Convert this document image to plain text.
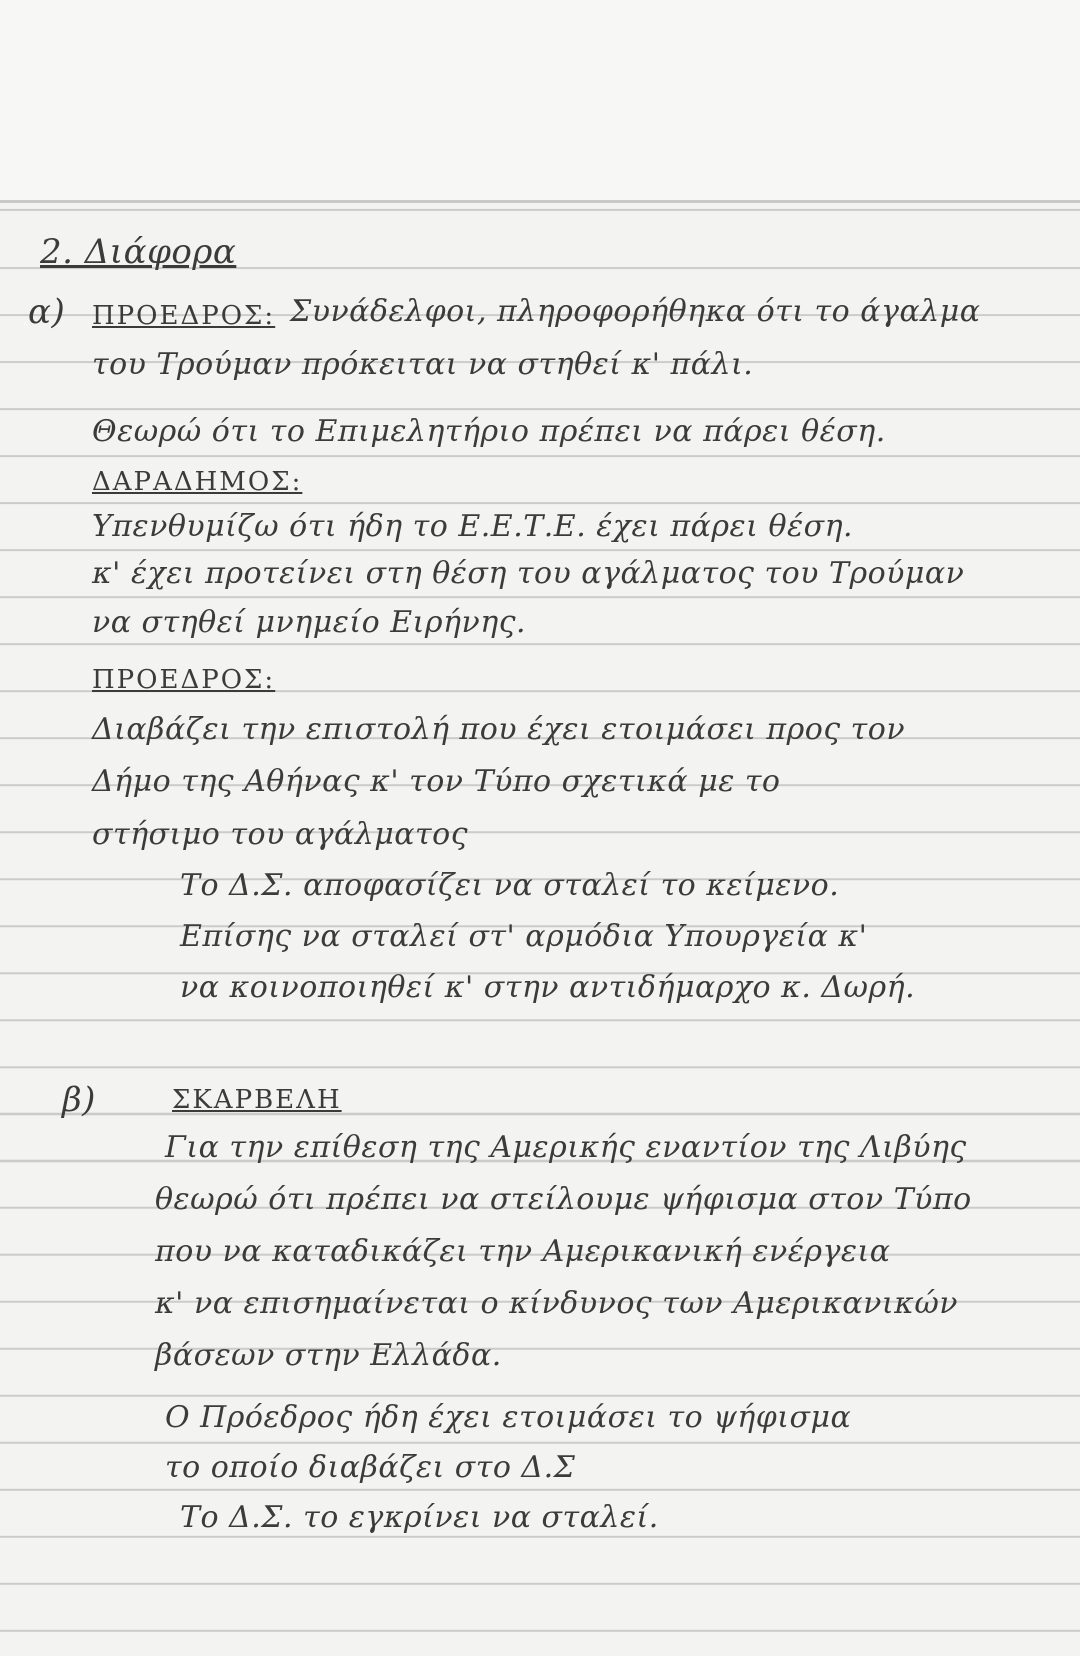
2. Διάφορα
α) ΠΡΟΕΔΡΟΣ: Συνάδελφοι, πληροφορήθηκα ότι το άγαλμα
του Τρούμαν πρόκειται να στηθεί κ' πάλι.
Θεωρώ ότι το Επιμελητήριο πρέπει να πάρει θέση.
ΔΑΡΑΔΗΜΟΣ:
Υπενθυμίζω ότι ήδη το Ε.Ε.Τ.Ε. έχει πάρει θέση.
κ' έχει προτείνει στη θέση του αγάλματος του Τρούμαν
να στηθεί μνημείο Ειρήνης.
ΠΡΟΕΔΡΟΣ:
Διαβάζει την επιστολή που έχει ετοιμάσει προς τον
Δήμο της Αθήνας κ' τον Τύπο σχετικά με το
στήσιμο του αγάλματος
Το Δ.Σ. αποφασίζει να σταλεί το κείμενο.
Επίσης να σταλεί στ' αρμόδια Υπουργεία κ'
να κοινοποιηθεί κ' στην αντιδήμαρχο κ. Δωρή.
β)	ΣΚΑΡΒΕΛΗ
Για την επίθεση της Αμερικής εναντίον της Λιβύης
θεωρώ ότι πρέπει να στείλουμε ψήφισμα στον Τύπο
που να καταδικάζει την Αμερικανική ενέργεια
κ' να επισημαίνεται ο κίνδυνος των Αμερικανικών
βάσεων στην Ελλάδα.
Ο Πρόεδρος ήδη έχει ετοιμάσει το ψήφισμα
το οποίο διαβάζει στο Δ.Σ
Το Δ.Σ. το εγκρίνει να σταλεί.
